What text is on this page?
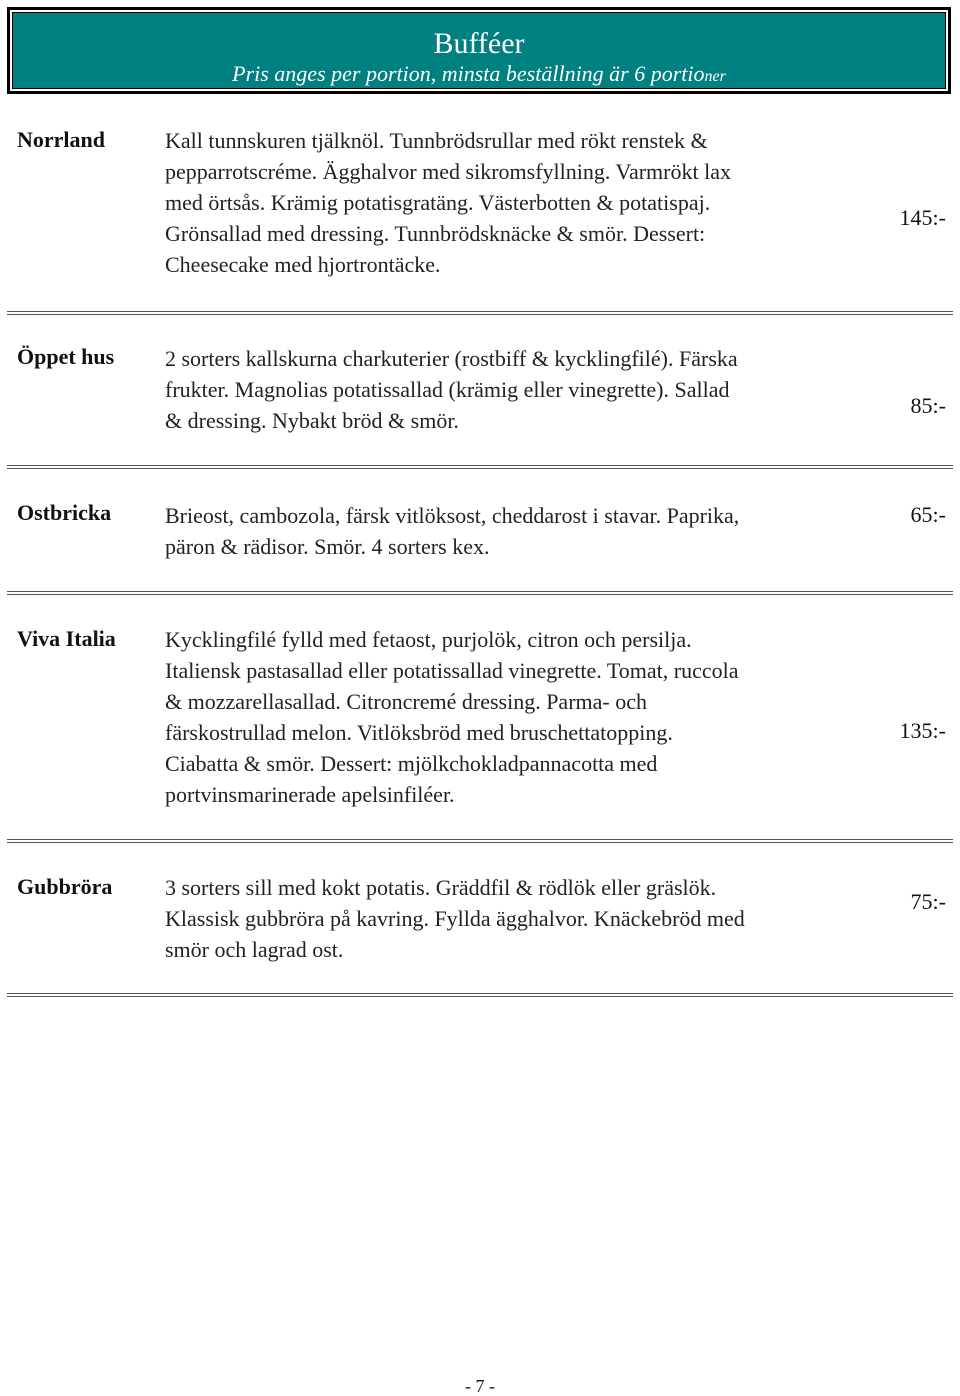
Bufféer
Pris anges per portion, minsta beställning är 6 portioner
Norrland	Kall tunnskuren tjälknöl. Tunnbrödsrullar med rökt renstek &
pepparrotscréme. Ägghalvor med sikromsfyllning. Varmrökt lax
med örtsås. Krämig potatisgratäng. Västerbotten & potatispaj.
Grönsallad med dressing. Tunnbrödsknäcke & smör. Dessert:
Cheesecake med hjortrontäcke.
145:-
Öppet hus 2 sorters kallskurna charkuterier (rostbiff & kycklingfilé). Färska
frukter. Magnolias potatissallad (krämig eller vinegrette). Sallad
& dressing. Nybakt bröd & smör.
85:-
Ostbricka Brieost, cambozola, färsk vitlöksost, cheddarost i stavar. Paprika,
päron & rädisor. Smör. 4 sorters kex.
65:-
Viva Italia Kycklingfilé fylld med fetaost, purjolök, citron och persilja.
Italiensk pastasallad eller potatissallad vinegrette. Tomat, ruccola
& mozzarellasallad. Citroncremé dressing. Parma- och
färskostrullad melon. Vitlöksbröd med bruschettatopping.
Ciabatta & smör. Dessert: mjölkchokladpannacotta med
portvinsmarinerade apelsinfiléer.
135:-
Gubbröra 3 sorters sill med kokt potatis. Gräddfil & rödlök eller gräslök.
Klassisk gubbröra på kavring. Fyllda ägghalvor. Knäckebröd med
smör och lagrad ost.
75:-
- 7 -
